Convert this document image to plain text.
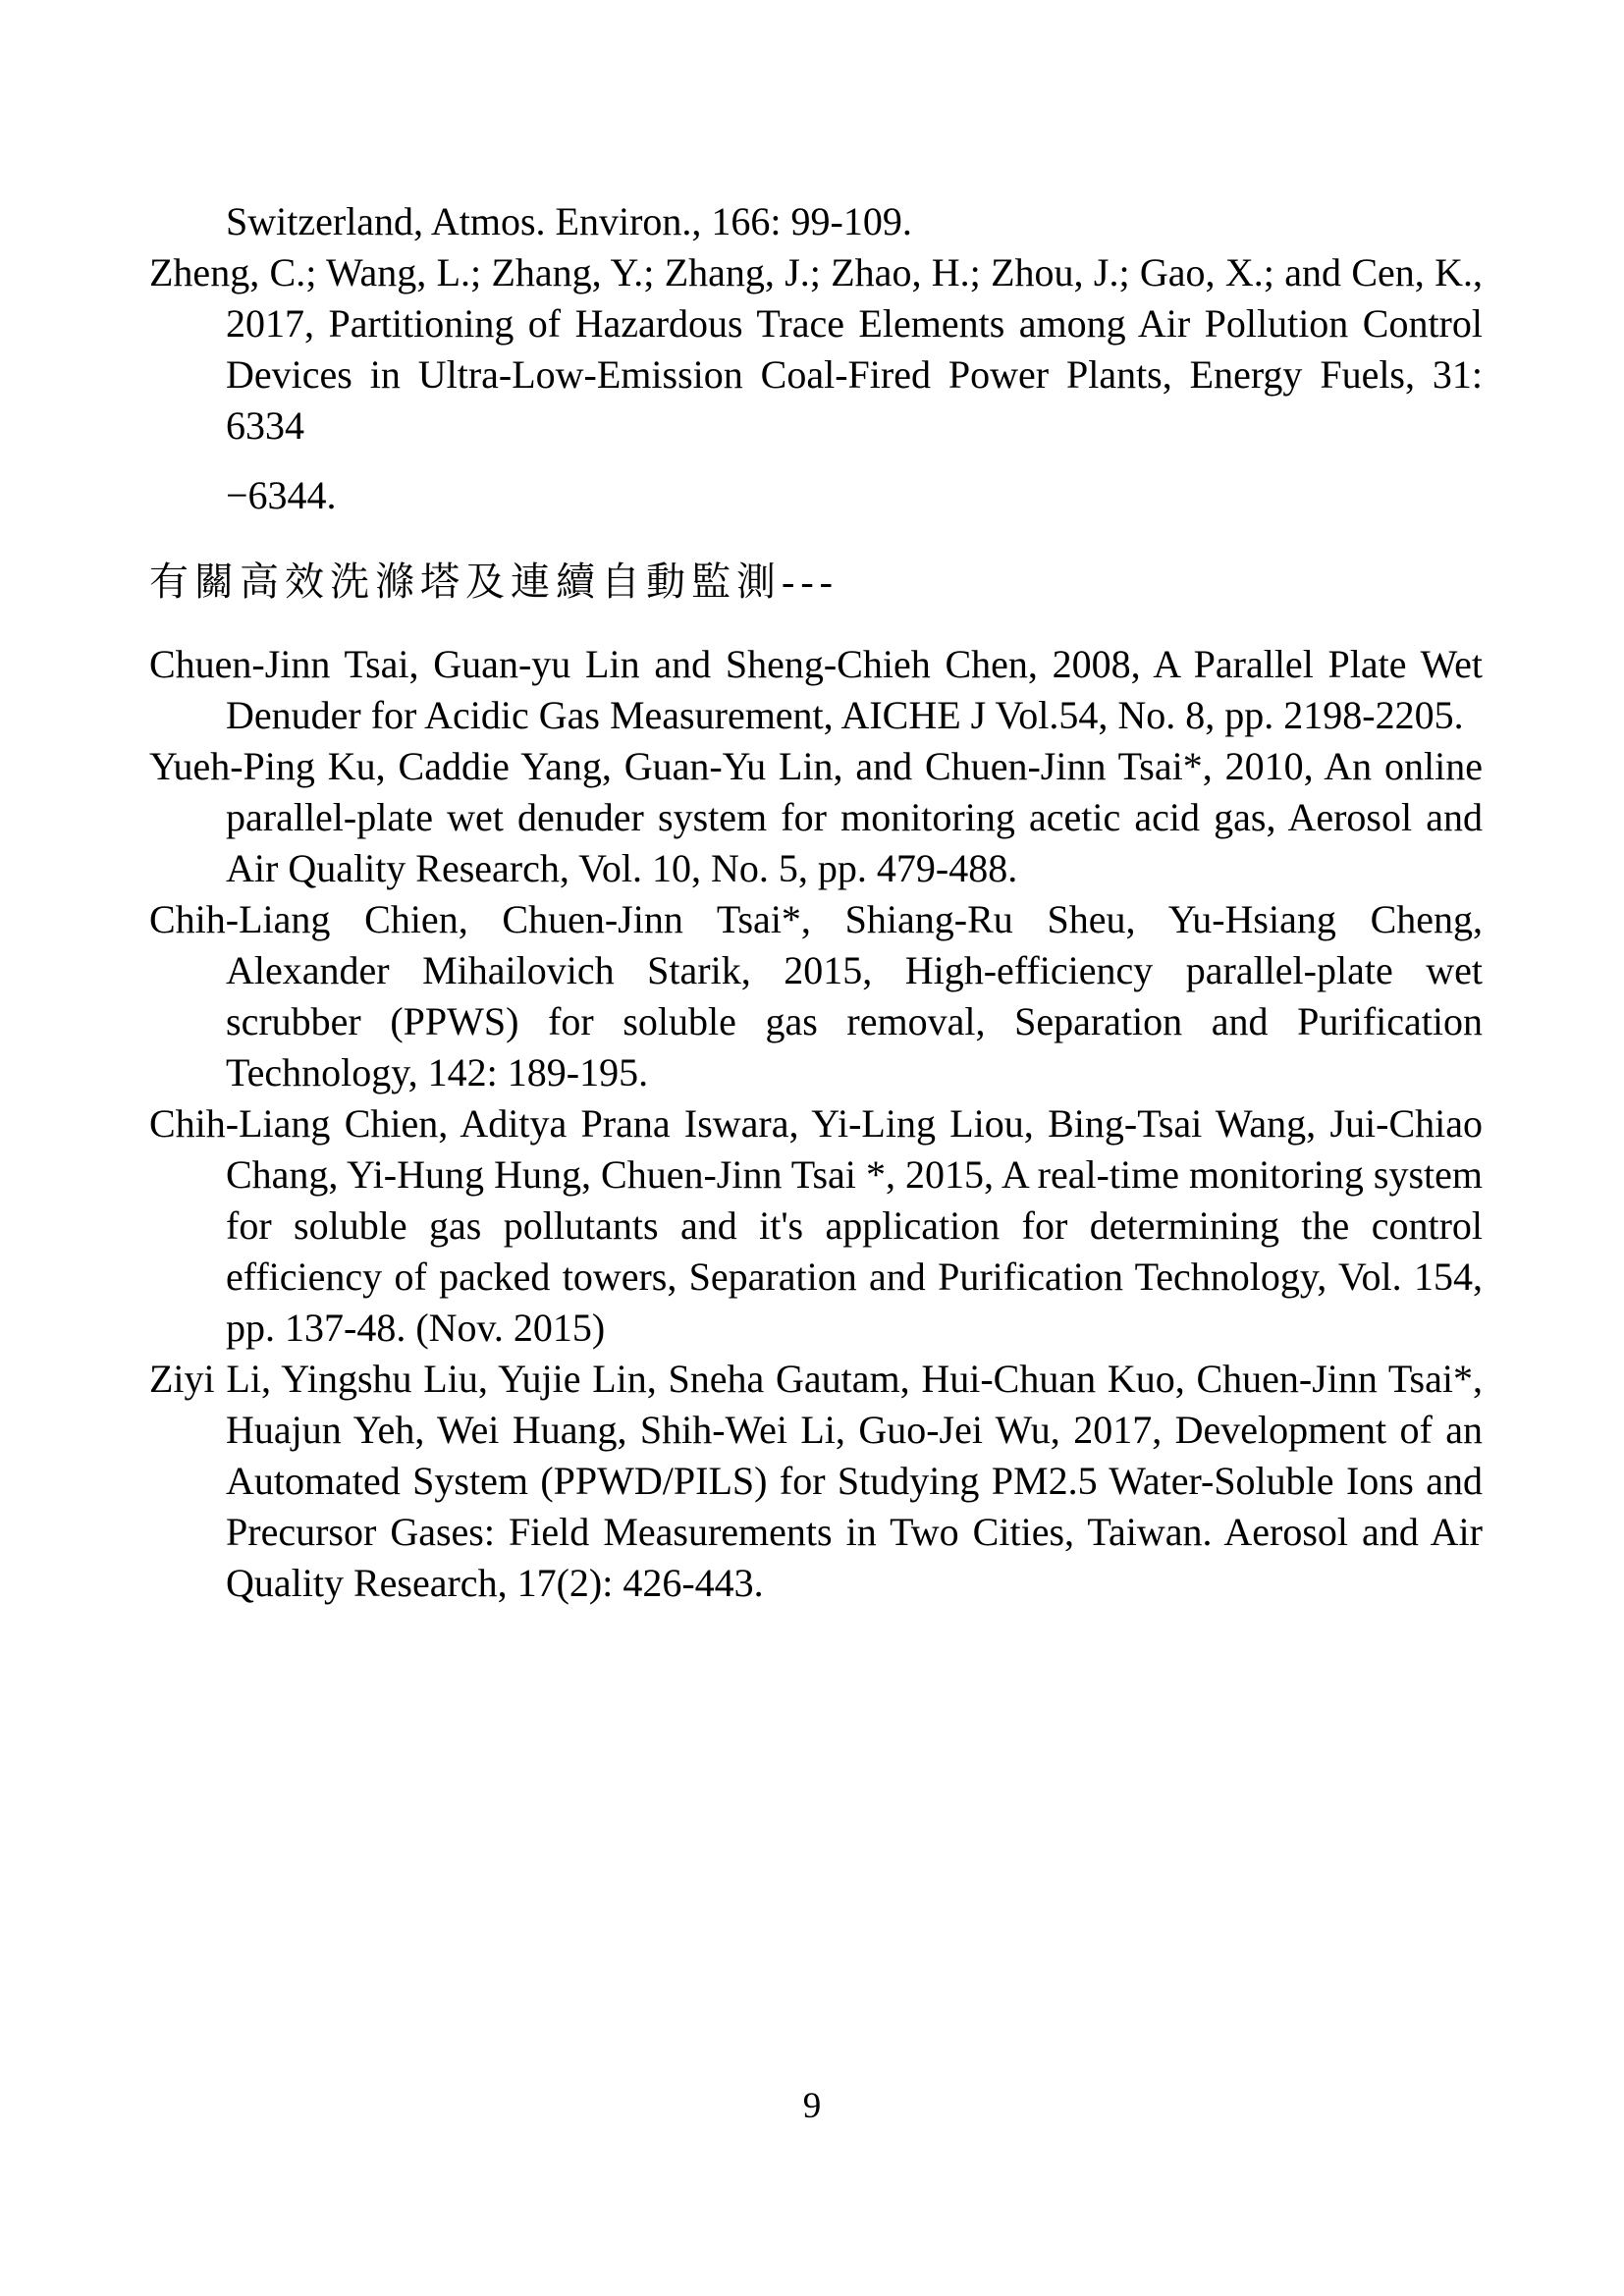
Switzerland, Atmos. Environ., 166: 99-109.

Zheng, C.; Wang, L.; Zhang, Y.; Zhang, J.; Zhao, H.; Zhou, J.; Gao, X.; and Cen, K., 2017, Partitioning of Hazardous Trace Elements among Air Pollution Control Devices in Ultra-Low-Emission Coal-Fired Power Plants, Energy Fuels, 31: 6334

−6344.

有關高效洗滌塔及連續自動監測---

Chuen-Jinn Tsai, Guan-yu Lin and Sheng-Chieh Chen, 2008, A Parallel Plate Wet Denuder for Acidic Gas Measurement, AICHE J Vol.54, No. 8, pp. 2198-2205.

Yueh-Ping Ku, Caddie Yang, Guan-Yu Lin, and Chuen-Jinn Tsai*, 2010, An online parallel-plate wet denuder system for monitoring acetic acid gas, Aerosol and Air Quality Research, Vol. 10, No. 5, pp. 479-488.

Chih-Liang Chien, Chuen-Jinn Tsai*, Shiang-Ru Sheu, Yu-Hsiang Cheng, Alexander Mihailovich Starik, 2015, High-efficiency parallel-plate wet scrubber (PPWS) for soluble gas removal, Separation and Purification Technology, 142: 189-195.

Chih-Liang Chien, Aditya Prana Iswara, Yi-Ling Liou, Bing-Tsai Wang, Jui-Chiao Chang, Yi-Hung Hung, Chuen-Jinn Tsai *, 2015, A real-time monitoring system for soluble gas pollutants and it's application for determining the control efficiency of packed towers, Separation and Purification Technology, Vol. 154, pp. 137-48. (Nov. 2015)

Ziyi Li, Yingshu Liu, Yujie Lin, Sneha Gautam, Hui-Chuan Kuo, Chuen-Jinn Tsai*, Huajun Yeh, Wei Huang, Shih-Wei Li, Guo-Jei Wu, 2017, Development of an Automated System (PPWD/PILS) for Studying PM2.5 Water-Soluble Ions and Precursor Gases: Field Measurements in Two Cities, Taiwan. Aerosol and Air Quality Research, 17(2): 426-443.

9
